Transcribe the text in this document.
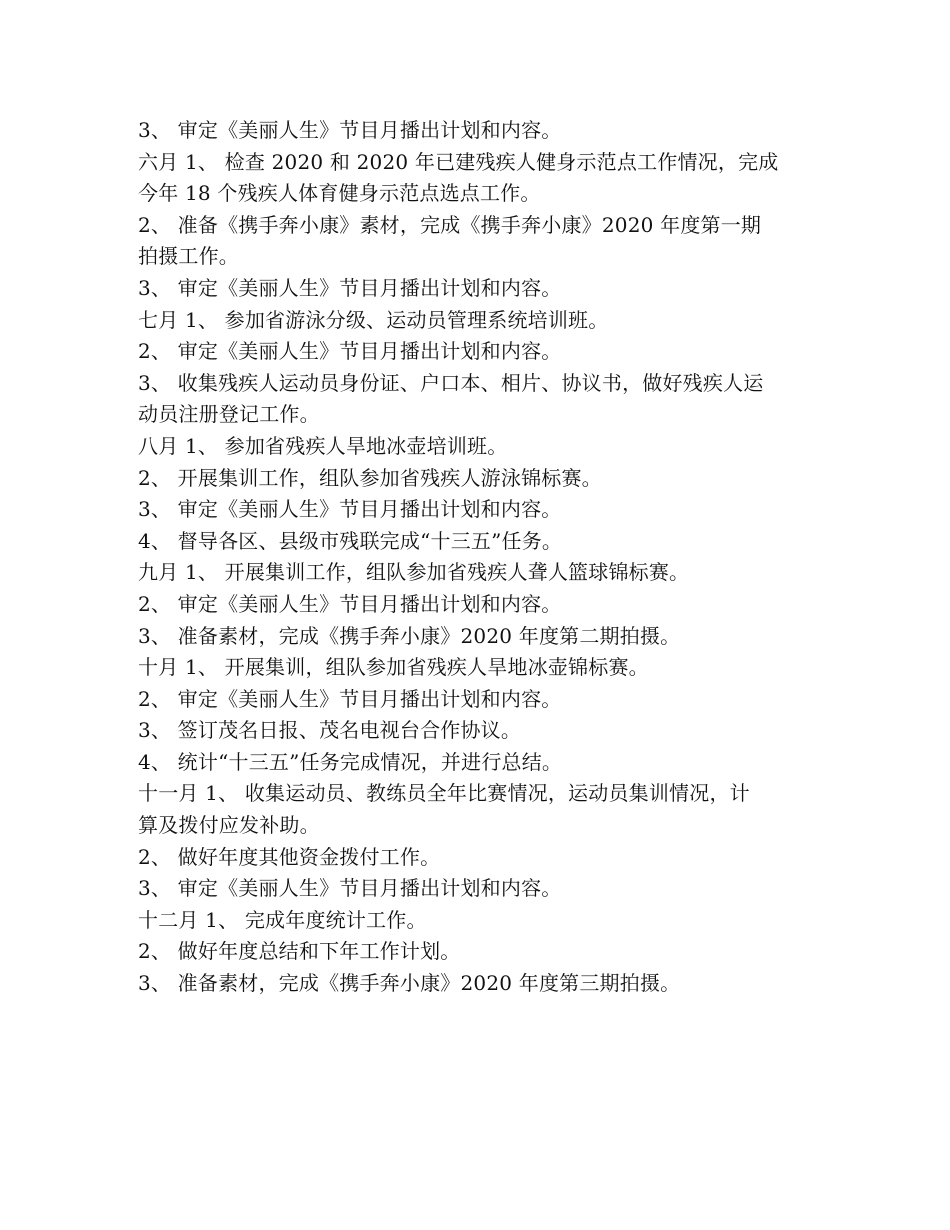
3、 审定《美丽人生》节目月播出计划和内容。
六月 1、 检查 2020 和 2020 年已建残疾人健身示范点工作情况，完成
今年 18 个残疾人体育健身示范点选点工作。
2、 准备《携手奔小康》素材，完成《携手奔小康》2020 年度第一期
拍摄工作。
3、 审定《美丽人生》节目月播出计划和内容。
七月 1、 参加省游泳分级、运动员管理系统培训班。
2、 审定《美丽人生》节目月播出计划和内容。
3、 收集残疾人运动员身份证、户口本、相片、协议书，做好残疾人运
动员注册登记工作。
八月 1、 参加省残疾人旱地冰壶培训班。
2、 开展集训工作，组队参加省残疾人游泳锦标赛。
3、 审定《美丽人生》节目月播出计划和内容。
4、 督导各区、县级市残联完成“十三五”任务。
九月 1、 开展集训工作，组队参加省残疾人聋人篮球锦标赛。
2、 审定《美丽人生》节目月播出计划和内容。
3、 准备素材，完成《携手奔小康》2020 年度第二期拍摄。
十月 1、 开展集训，组队参加省残疾人旱地冰壶锦标赛。
2、 审定《美丽人生》节目月播出计划和内容。
3、 签订茂名日报、茂名电视台合作协议。
4、 统计“十三五”任务完成情况，并进行总结。
十一月 1、 收集运动员、教练员全年比赛情况，运动员集训情况，计
算及拨付应发补助。
2、 做好年度其他资金拨付工作。
3、 审定《美丽人生》节目月播出计划和内容。
十二月 1、 完成年度统计工作。
2、 做好年度总结和下年工作计划。
3、 准备素材，完成《携手奔小康》2020 年度第三期拍摄。
